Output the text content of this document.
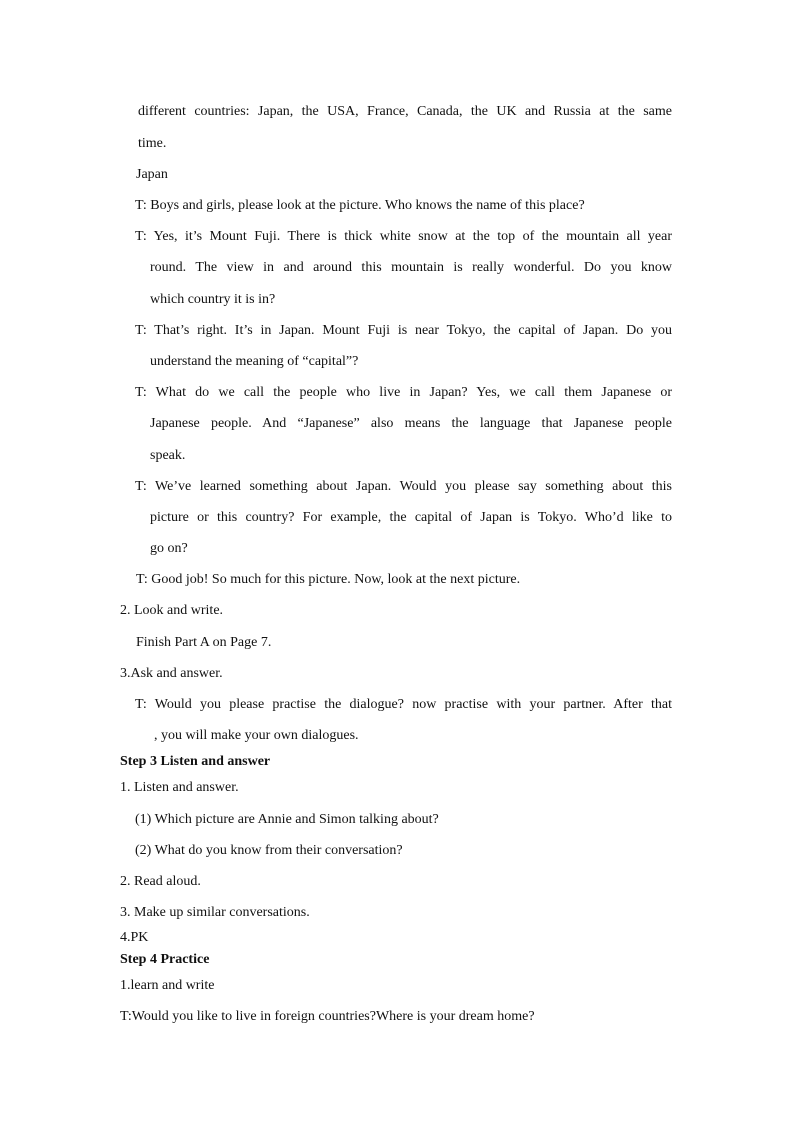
different countries: Japan, the USA, France, Canada, the UK and Russia at the same
time.
Japan
T: Boys and girls, please look at the picture. Who knows the name of this place?
T: Yes, it’s Mount Fuji. There is thick white snow at the top of the mountain all year
round. The view in and around this mountain is really wonderful. Do you know
which country it is in?
T: That’s right. It’s in Japan. Mount Fuji is near Tokyo, the capital of Japan. Do you
understand the meaning of “capital”?
T: What do we call the people who live in Japan? Yes, we call them Japanese or
Japanese people. And “Japanese” also means the language that Japanese people
speak.
T: We’ve learned something about Japan. Would you please say something about this
picture or this country? For example, the capital of Japan is Tokyo. Who’d like to
go on?
T: Good job! So much for this picture. Now, look at the next picture.
2. Look and write.
Finish Part A on Page 7.
3.Ask and answer.
T: Would you please practise the dialogue? now practise with your partner. After that
, you will make your own dialogues.
Step 3 Listen and answer
1. Listen and answer.
(1) Which picture are Annie and Simon talking about?
(2) What do you know from their conversation?
2. Read aloud.
3. Make up similar conversations.
4.PK
Step 4 Practice
1.learn and write
T:Would you like to live in foreign countries?Where is your dream home?
